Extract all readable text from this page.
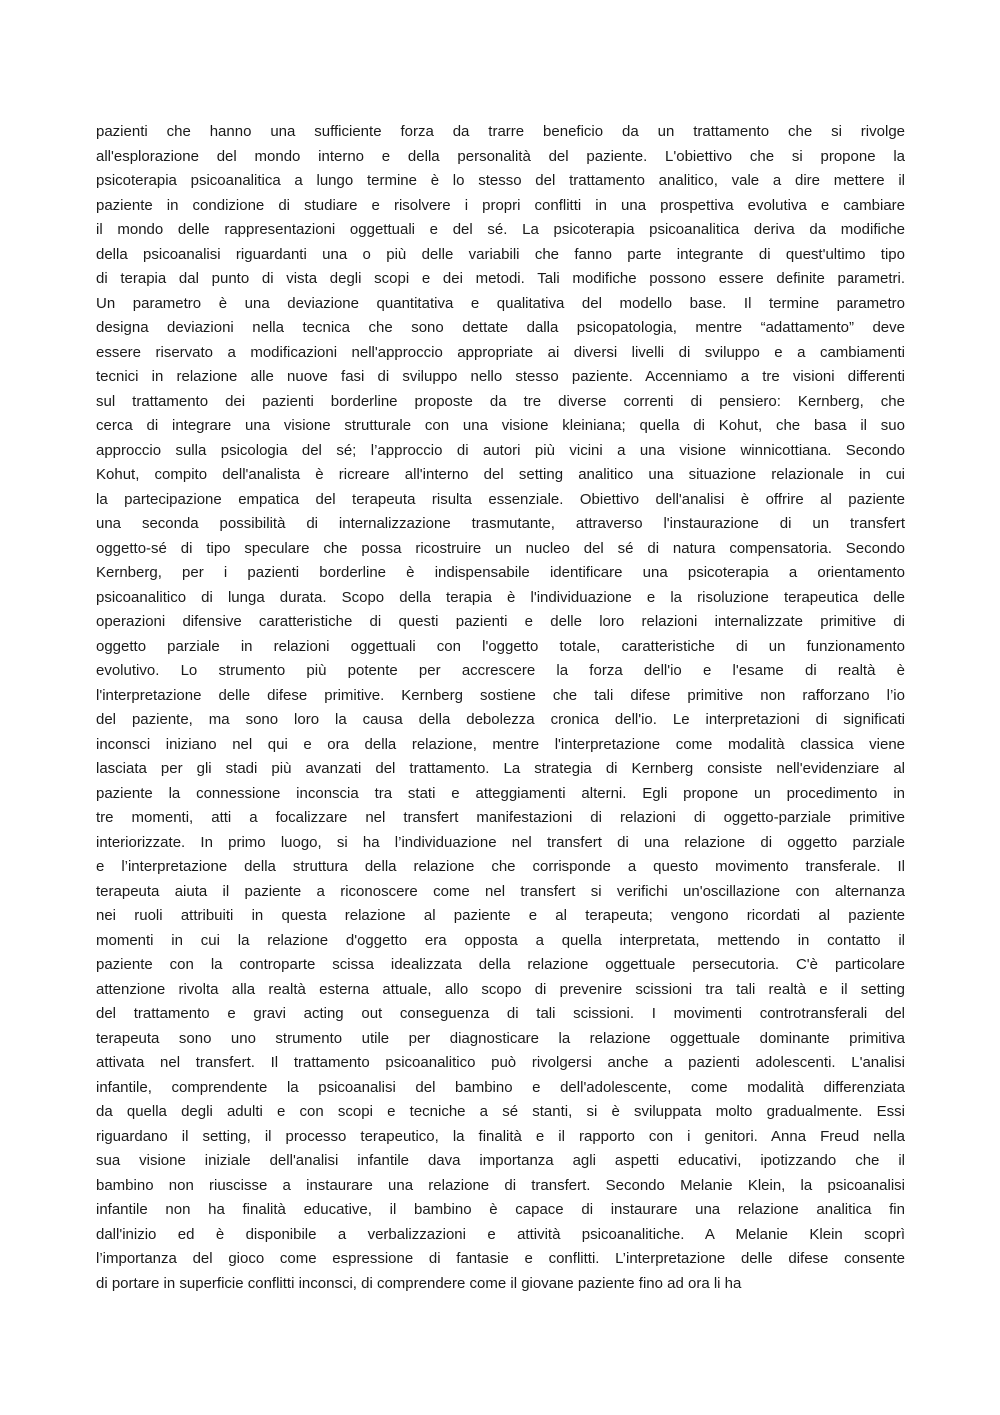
pazienti che hanno una sufficiente forza da trarre beneficio da un trattamento che si rivolge
all'esplorazione del mondo interno e della personalità del paziente. L'obiettivo che si propone la
psicoterapia psicoanalitica a lungo termine è lo stesso del trattamento analitico, vale a dire mettere il
paziente in condizione di studiare e risolvere i propri conflitti in una prospettiva evolutiva e cambiare
il mondo delle rappresentazioni oggettuali e del sé. La psicoterapia psicoanalitica deriva da modifiche
della psicoanalisi riguardanti una o più delle variabili che fanno parte integrante di quest'ultimo tipo
di terapia dal punto di vista degli scopi e dei metodi. Tali modifiche possono essere definite parametri.
Un parametro è una deviazione quantitativa e qualitativa del modello base. Il termine parametro
designa deviazioni nella tecnica che sono dettate dalla psicopatologia, mentre “adattamento” deve
essere riservato a modificazioni nell'approccio appropriate ai diversi livelli di sviluppo e a cambiamenti
tecnici in relazione alle nuove fasi di sviluppo nello stesso paziente. Accenniamo a tre visioni differenti
sul trattamento dei pazienti borderline proposte da tre diverse correnti di pensiero: Kernberg, che
cerca di integrare una visione strutturale con una visione kleiniana; quella di Kohut, che basa il suo
approccio sulla psicologia del sé; l’approccio di autori più vicini a una visione winnicottiana. Secondo
Kohut, compito dell'analista è ricreare all'interno del setting analitico una situazione relazionale in cui
la partecipazione empatica del terapeuta risulta essenziale. Obiettivo dell'analisi è offrire al paziente
una seconda possibilità di internalizzazione trasmutante, attraverso l'instaurazione di un transfert
oggetto-sé di tipo speculare che possa ricostruire un nucleo del sé di natura compensatoria. Secondo
Kernberg, per i pazienti borderline è indispensabile identificare una psicoterapia a orientamento
psicoanalitico di lunga durata. Scopo della terapia è l'individuazione e la risoluzione terapeutica delle
operazioni difensive caratteristiche di questi pazienti e delle loro relazioni internalizzate primitive di
oggetto parziale in relazioni oggettuali con l'oggetto totale, caratteristiche di un funzionamento
evolutivo. Lo strumento più potente per accrescere la forza dell'io e l'esame di realtà è
l'interpretazione delle difese primitive. Kernberg sostiene che tali difese primitive non rafforzano l’io
del paziente, ma sono loro la causa della debolezza cronica dell'io. Le interpretazioni di significati
inconsci iniziano nel qui e ora della relazione, mentre l'interpretazione come modalità classica viene
lasciata per gli stadi più avanzati del trattamento. La strategia di Kernberg consiste nell'evidenziare al
paziente la connessione inconscia tra stati e atteggiamenti alterni. Egli propone un procedimento in
tre momenti, atti a focalizzare nel transfert manifestazioni di relazioni di oggetto-parziale primitive
interiorizzate. In primo luogo, si ha l’individuazione nel transfert di una relazione di oggetto parziale
e l’interpretazione della struttura della relazione che corrisponde a questo movimento transferale. Il
terapeuta aiuta il paziente a riconoscere come nel transfert si verifichi un'oscillazione con alternanza
nei ruoli attribuiti in questa relazione al paziente e al terapeuta; vengono ricordati al paziente
momenti in cui la relazione d'oggetto era opposta a quella interpretata, mettendo in contatto il
paziente con la controparte scissa idealizzata della relazione oggettuale persecutoria. C'è particolare
attenzione rivolta alla realtà esterna attuale, allo scopo di prevenire scissioni tra tali realtà e il setting
del trattamento e gravi acting out conseguenza di tali scissioni. I movimenti controtransferali del
terapeuta sono uno strumento utile per diagnosticare la relazione oggettuale dominante primitiva
attivata nel transfert. Il trattamento psicoanalitico può rivolgersi anche a pazienti adolescenti. L'analisi
infantile, comprendente la psicoanalisi del bambino e dell'adolescente, come modalità differenziata
da quella degli adulti e con scopi e tecniche a sé stanti, si è sviluppata molto gradualmente. Essi
riguardano il setting, il processo terapeutico, la finalità e il rapporto con i genitori. Anna Freud nella
sua visione iniziale dell'analisi infantile dava importanza agli aspetti educativi, ipotizzando che il
bambino non riuscisse a instaurare una relazione di transfert. Secondo Melanie Klein, la psicoanalisi
infantile non ha finalità educative, il bambino è capace di instaurare una relazione analitica fin
dall'inizio ed è disponibile a verbalizzazioni e attività psicoanalitiche. A Melanie Klein scoprì
l’importanza del gioco come espressione di fantasie e conflitti. L’interpretazione delle difese consente
di portare in superficie conflitti inconsci, di comprendere come il giovane paziente fino ad ora li ha
